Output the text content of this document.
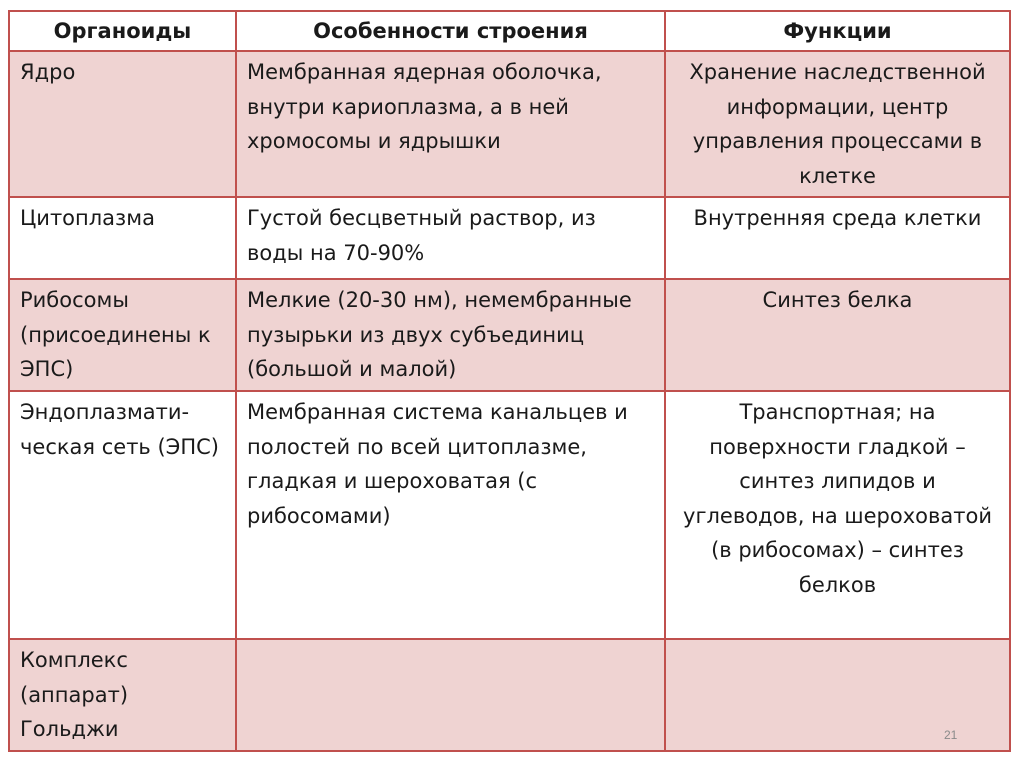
Органоиды	Особенности строения	Функции
Ядро	Мембранная ядерная оболочка, внутри кариоплазма, а в ней хромосомы и ядрышки	Хранение наследственной информации, центр управления процессами в клетке
Цитоплазма	Густой бесцветный раствор, из воды на 70-90%	Внутренняя среда клетки
Рибосомы (присоединены к ЭПС)	Мелкие (20-30 нм), немембранные пузырьки из двух субъединиц (большой и малой)	Синтез белка
Эндоплазмати-ческая сеть (ЭПС)	Мембранная система канальцев и полостей по всей цитоплазме, гладкая и шероховатая (с рибосомами)	Транспортная; на поверхности гладкой – синтез липидов и углеводов, на шероховатой (в рибосомах) – синтез белков
Комплекс (аппарат) Гольджи			21
